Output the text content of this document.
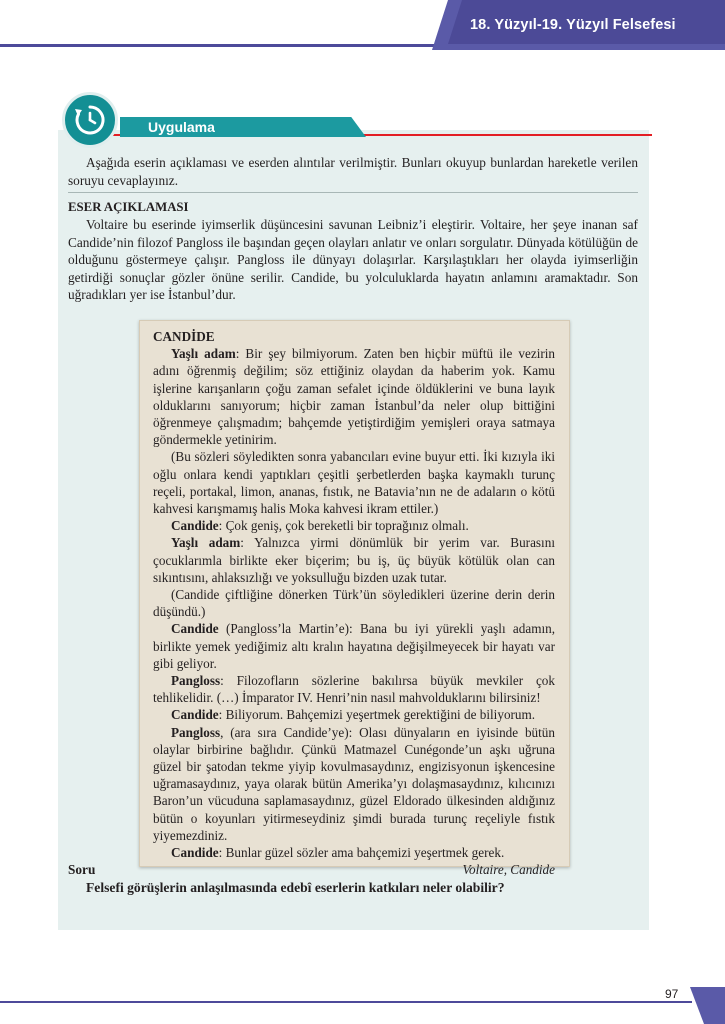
18. Yüzyıl-19. Yüzyıl Felsefesi
Uygulama
Aşağıda eserin açıklaması ve eserden alıntılar verilmiştir. Bunları okuyup bunlardan hareketle verilen soruyu cevaplayınız.
ESER AÇIKLAMASI
Voltaire bu eserinde iyimserlik düşüncesini savunan Leibniz’i eleştirir. Voltaire, her şeye inanan saf Candide’nin filozof Pangloss ile başından geçen olayları anlatır ve onları sorgulatır. Dünyada kötülüğün de olduğunu göstermeye çalışır. Pangloss ile dünyayı dolaşırlar. Karşılaştıkları her olayda iyimserliğin getirdiği sonuçlar gözler önüne serilir. Candide, bu yolculuklarda hayatın anlamını aramaktadır. Son uğradıkları yer ise İstanbul’dur.

CANDİDE

Yaşlı adam: Bir şey bilmiyorum. Zaten ben hiçbir müftü ile vezirin adını öğrenmiş değilim; söz ettiğiniz olaydan da haberim yok. Kamu işlerine karışanların çoğu zaman sefalet içinde öldüklerini ve buna layık olduklarını sanıyorum; hiçbir zaman İstanbul’da neler olup bittiğini öğrenmeye çalışmadım; bahçemde yetiştirdiğim yemişleri oraya satmaya göndermekle yetinirim.

(Bu sözleri söyledikten sonra yabancıları evine buyur etti. İki kızıyla iki oğlu onlara kendi yaptıkları çeşitli şerbetlerden başka kaymaklı turunç reçeli, portakal, limon, ananas, fıstık, ne Batavia’nın ne de adaların o kötü kahvesi karışmamış halis Moka kahvesi ikram ettiler.)

Candide: Çok geniş, çok bereketli bir toprağınız olmalı.

Yaşlı adam: Yalnızca yirmi dönümlük bir yerim var. Burasını çocuklarımla birlikte eker biçerim; bu iş, üç büyük kötülük olan can sıkıntısını, ahlaksızlığı ve yoksulluğu bizden uzak tutar.

(Candide çiftliğine dönerken Türk’ün söyledikleri üzerine derin derin düşündü.)

Candide (Pangloss’la Martin’e): Bana bu iyi yürekli yaşlı adamın, birlikte yemek yediğimiz altı kralın hayatına değişilmeyecek bir hayatı var gibi geliyor.

Pangloss: Filozofların sözlerine bakılırsa büyük mevkiler çok tehlikelidir. (…) İmparator IV. Henri’nin nasıl mahvolduklarını bilirsiniz!

Candide: Biliyorum. Bahçemizi yeşertmek gerektiğini de biliyorum.

Pangloss, (ara sıra Candide’ye): Olası dünyaların en iyisinde bütün olaylar birbirine bağlıdır. Çünkü Matmazel Cunégonde’un aşkı uğruna güzel bir şatodan tekme yiyip kovulmasaydınız, engizisyonun işkencesine uğramasaydınız, yaya olarak bütün Amerika’yı dolaşmasaydınız, kılıcınızı Baron’un vücuduna saplamasaydınız, güzel Eldorado ülkesinden aldığınız bütün o koyunları yitirmeseydiniz şimdi burada turunç reçeliyle fıstık yiyemezdiniz.

Candide: Bunlar güzel sözler ama bahçemizi yeşertmek gerek.

Voltaire, Candide

Soru
Felsefi görüşlerin anlaşılmasında edebî eserlerin katkıları neler olabilir?
97
